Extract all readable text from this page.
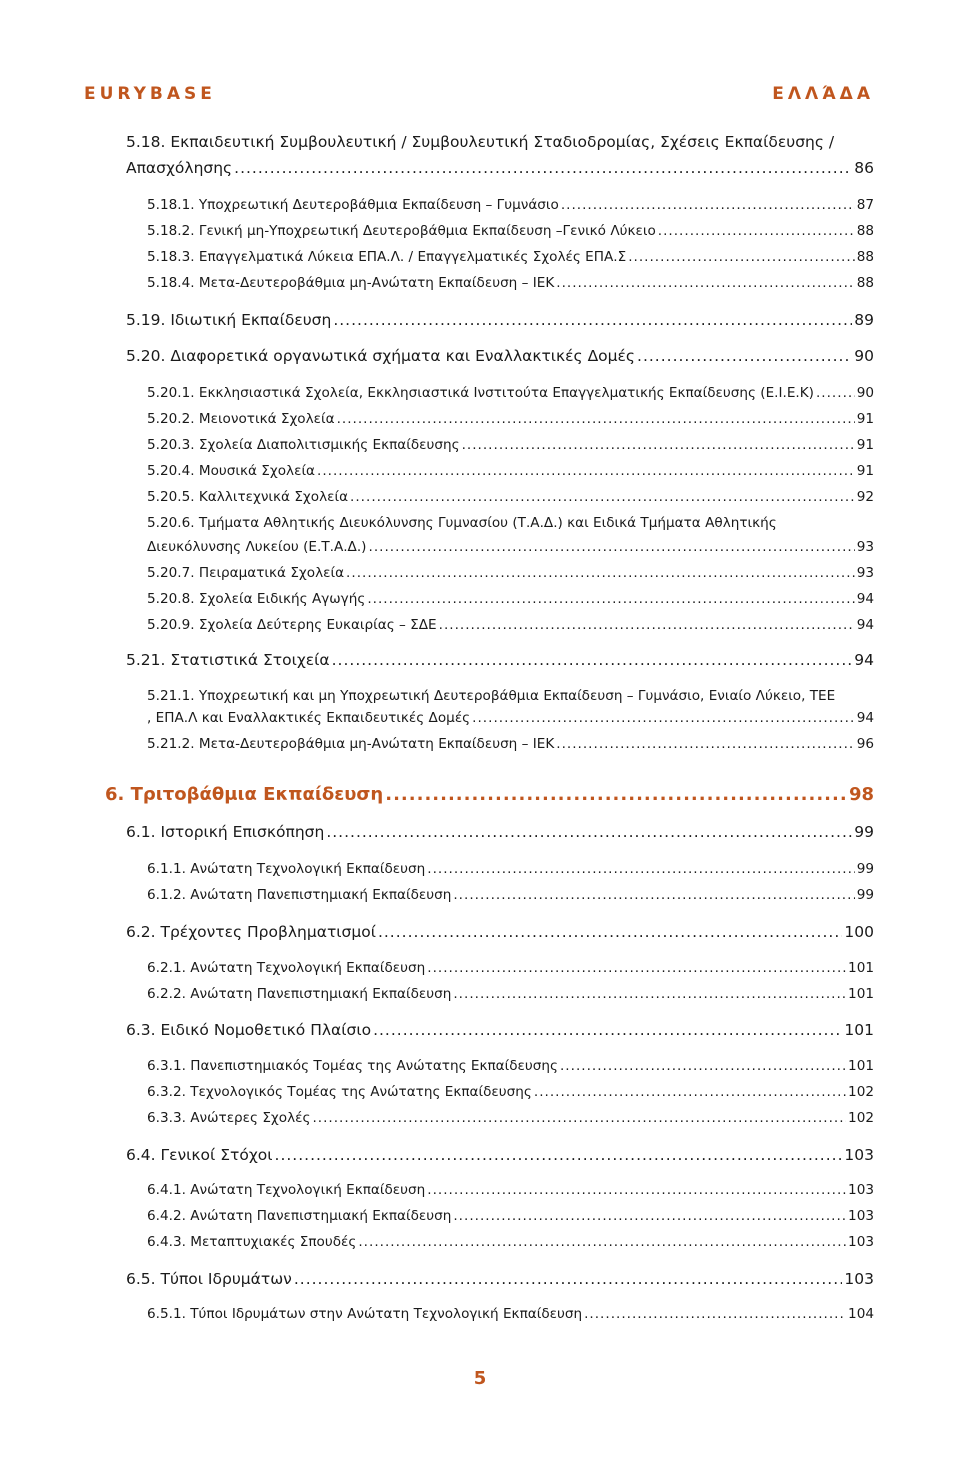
EURYBASE	ΕΛΛΆΔΑ
5.18. Εκπαιδευτική Συμβουλευτική / Συμβουλευτική Σταδιοδρομίας, Σχέσεις Εκπαίδευσης /
Απασχόλησης .....	86
5.18.1. Υποχρεωτική Δευτεροβάθμια Εκπαίδευση – Γυμνάσιο .....	87
5.18.2. Γενική μη-Υποχρεωτική Δευτεροβάθμια Εκπαίδευση –Γενικό Λύκειο .....	88
5.18.3. Επαγγελματικά Λύκεια ΕΠΑ.Λ. / Επαγγελματικές Σχολές ΕΠΑ.Σ .....	88
5.18.4. Μετα-Δευτεροβάθμια μη-Ανώτατη Εκπαίδευση – ΙΕΚ .....	88
5.19. Ιδιωτική Εκπαίδευση .....	89
5.20. Διαφορετικά οργανωτικά σχήματα και Εναλλακτικές Δομές .....	90
5.20.1. Εκκλησιαστικά Σχολεία, Εκκλησιαστικά Ινστιτούτα Επαγγελματικής Εκπαίδευσης (Ε.Ι.Ε.Κ) .....	90
5.20.2. Μειονοτικά Σχολεία .....	91
5.20.3. Σχολεία Διαπολιτισμικής Εκπαίδευσης .....	91
5.20.4. Μουσικά Σχολεία .....	91
5.20.5. Καλλιτεχνικά Σχολεία .....	92
5.20.6. Τμήματα Αθλητικής Διευκόλυνσης Γυμνασίου (Τ.Α.Δ.) και Ειδικά Τμήματα Αθλητικής
Διευκόλυνσης Λυκείου (Ε.Τ.Α.Δ.) .....	93
5.20.7. Πειραματικά Σχολεία .....	93
5.20.8. Σχολεία Ειδικής Αγωγής .....	94
5.20.9. Σχολεία Δεύτερης Ευκαιρίας – ΣΔΕ .....	94
5.21. Στατιστικά Στοιχεία .....	94
5.21.1. Υποχρεωτική και μη Υποχρεωτική Δευτεροβάθμια Εκπαίδευση – Γυμνάσιο, Ενιαίο Λύκειο, ΤΕΕ
, ΕΠΑ.Λ και Εναλλακτικές Εκπαιδευτικές Δομές .....	94
5.21.2. Μετα-Δευτεροβάθμια μη-Ανώτατη Εκπαίδευση – ΙΕΚ .....	96
6. Τριτοβάθμια Εκπαίδευση .....	98
6.1. Ιστορική Επισκόπηση .....	99
6.1.1. Ανώτατη Τεχνολογική Εκπαίδευση .....	99
6.1.2. Ανώτατη Πανεπιστημιακή Εκπαίδευση .....	99
6.2. Τρέχοντες Προβληματισμοί .....	100
6.2.1. Ανώτατη Τεχνολογική Εκπαίδευση .....	101
6.2.2. Ανώτατη Πανεπιστημιακή Εκπαίδευση .....	101
6.3. Ειδικό Νομοθετικό Πλαίσιο .....	101
6.3.1. Πανεπιστημιακός Τομέας της Ανώτατης Εκπαίδευσης .....	101
6.3.2. Τεχνολογικός Τομέας της Ανώτατης Εκπαίδευσης .....	102
6.3.3. Ανώτερες Σχολές .....	102
6.4. Γενικοί Στόχοι .....	103
6.4.1. Ανώτατη Τεχνολογική Εκπαίδευση .....	103
6.4.2. Ανώτατη Πανεπιστημιακή Εκπαίδευση .....	103
6.4.3. Μεταπτυχιακές Σπουδές .....	103
6.5. Τύποι Ιδρυμάτων .....	103
6.5.1. Τύποι Ιδρυμάτων στην Ανώτατη Τεχνολογική Εκπαίδευση .....	104
5
